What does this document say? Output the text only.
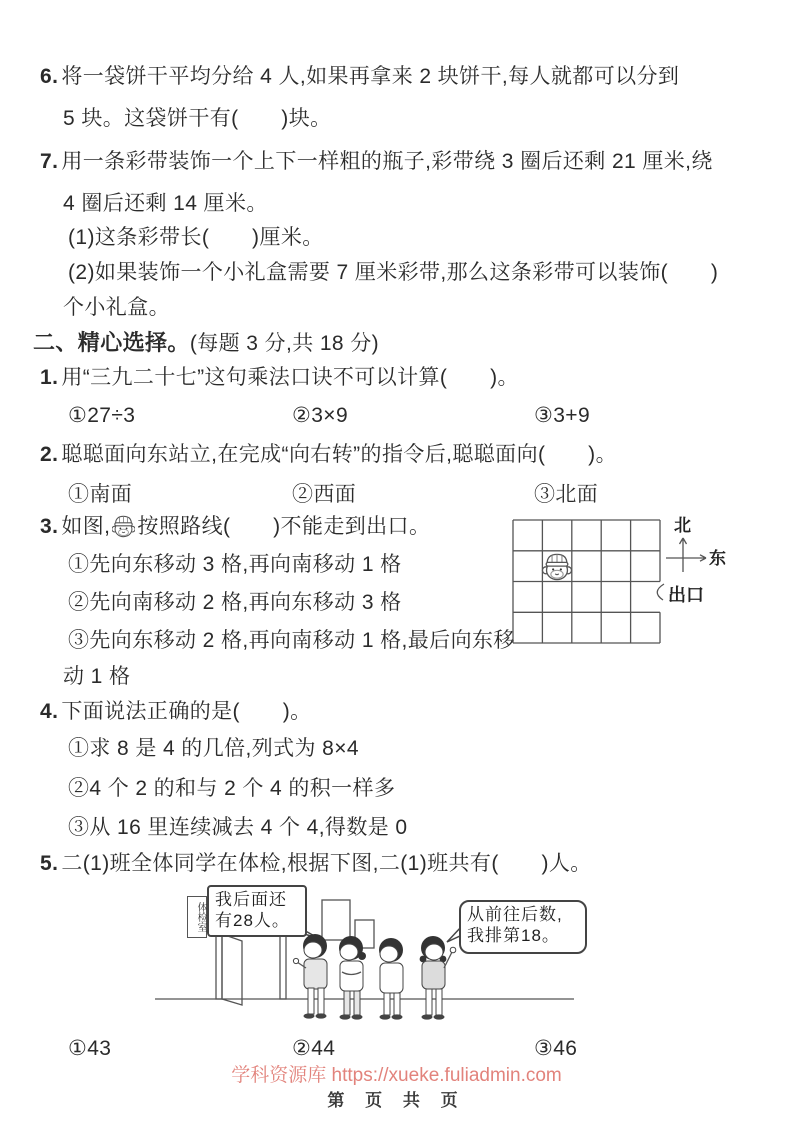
6. 将一袋饼干平均分给 4 人,如果再拿来 2 块饼干,每人就都可以分到
5 块。这袋饼干有(　　)块。
7. 用一条彩带装饰一个上下一样粗的瓶子,彩带绕 3 圈后还剩 21 厘米,绕
4 圈后还剩 14 厘米。
(1)这条彩带长(　　)厘米。
(2)如果装饰一个小礼盒需要 7 厘米彩带,那么这条彩带可以装饰(　　)
个小礼盒。
二、精心选择。(每题 3 分,共 18 分)
1. 用“三九二十七”这句乘法口诀不可以计算(　　)。
①27÷3	②3×9	③3+9
2. 聪聪面向东站立,在完成“向右转”的指令后,聪聪面向(　　)。
①南面	②西面	③北面
3. 如图, 按照路线(　　)不能走到出口。
①先向东移动 3 格,再向南移动 1 格
②先向南移动 2 格,再向东移动 3 格
③先向东移动 2 格,再向南移动 1 格,最后向东移
动 1 格
北
东
出口
4. 下面说法正确的是(　　)。
①求 8 是 4 的几倍,列式为 8×4
②4 个 2 的和与 2 个 4 的积一样多
③从 16 里连续减去 4 个 4,得数是 0
5. 二(1)班全体同学在体检,根据下图,二(1)班共有(　　)人。
体检室
我后面还
有28人。	从前往后数,
我排第18。
①43	②44	③46
学科资源库 https://xueke.fuliadmin.com
第 页 共 页
